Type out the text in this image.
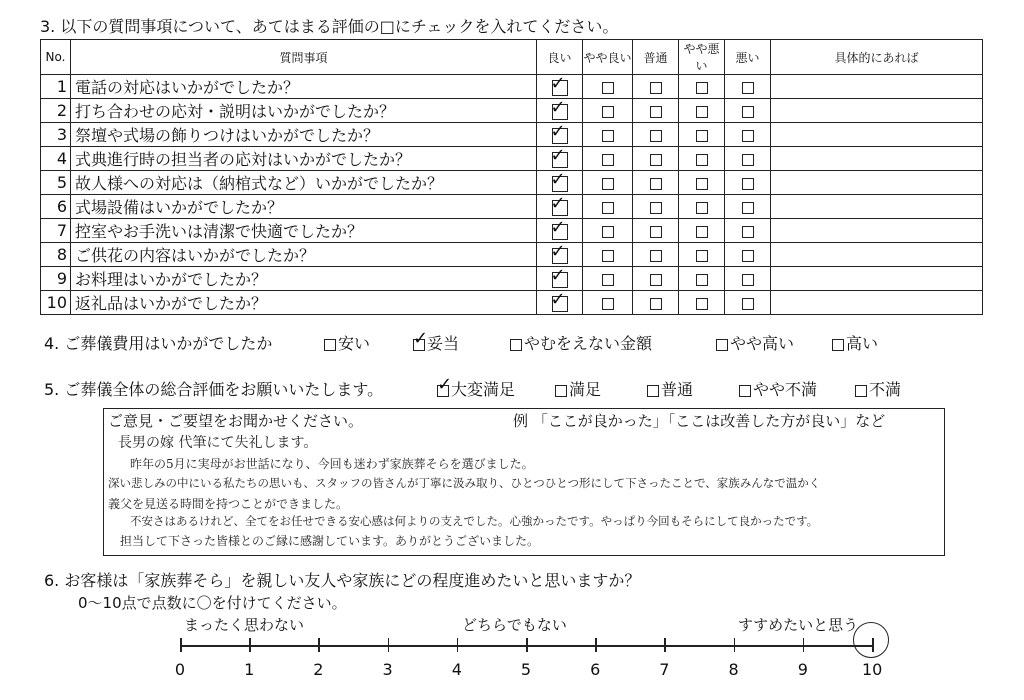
3. 以下の質問事項について、あてはまる評価の□にチェックを入れてください。
No.	質問事項	良い	やや良い	普通	やや悪い	悪い	具体的にあれば
1	電話の対応はいかがでしたか？	✓					
2	打ち合わせの応対・説明はいかがでしたか？	✓					
3	祭壇や式場の飾りつけはいかがでしたか？	✓					
4	式典進行時の担当者の応対はいかがでしたか？	✓					
5	故人様への対応は（納棺式など）いかがでしたか？	✓					
6	式場設備はいかがでしたか？	✓					
7	控室やお手洗いは清潔で快適でしたか？	✓					
8	ご供花の内容はいかがでしたか？	✓					
9	お料理はいかがでしたか？	✓					
10	返礼品はいかがでしたか？	✓					
4. ご葬儀費用はいかがでしたか	安い ✓	妥当	やむをえない金額	やや高い	高い
5. ご葬儀全体の総合評価をお願いいたします。 ✓	大変満足	満足	普通	やや不満	不満
ご意見・ご要望をお聞かせください。	例 「ここが良かった」「ここは改善した方が良い」など
長男の嫁 代筆にて失礼します。
昨年の5月に実母がお世話になり、今回も迷わず家族葬そらを選びました。
深い悲しみの中にいる私たちの思いも、スタッフの皆さんが丁寧に汲み取り、ひとつひとつ形にして下さったことで、家族みんなで温かく
義父を見送る時間を持つことができました。
不安さはあるけれど、全てをお任せできる安心感は何よりの支えでした。心強かったです。やっぱり今回もそらにして良かったです。
担当して下さった皆様とのご縁に感謝しています。ありがとうございました。
6. お客様は「家族葬そら」を親しい友人や家族にどの程度進めたいと思いますか？
0〜10点で点数に〇を付けてください。
まったく思わない	どちらでもない	すすめたいと思う
0	1	2	3	4	5	6	7	8	9	10
